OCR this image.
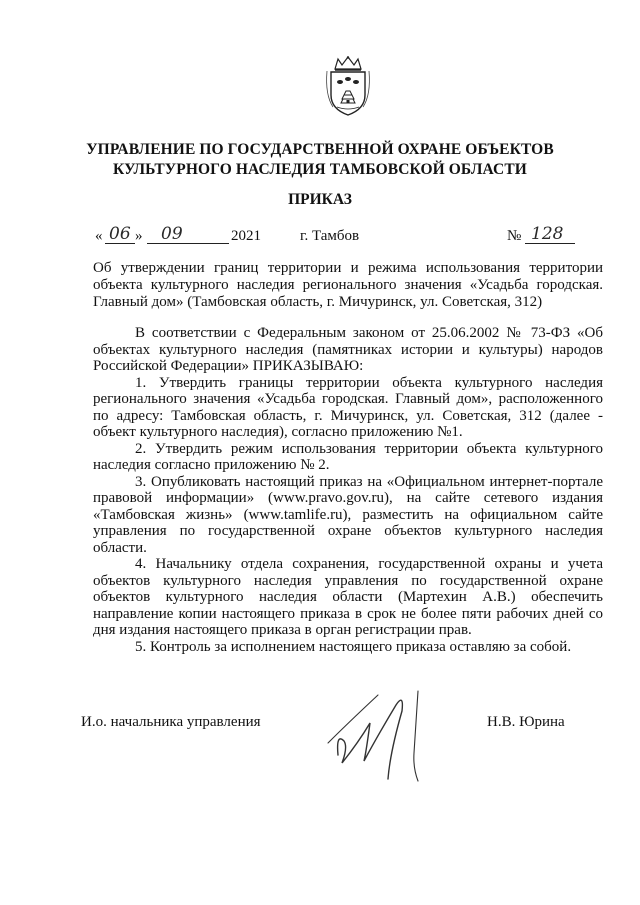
УПРАВЛЕНИЕ ПО ГОСУДАРСТВЕННОЙ ОХРАНЕ ОБЪЕКТОВ
КУЛЬТУРНОГО НАСЛЕДИЯ ТАМБОВСКОЙ ОБЛАСТИ
ПРИКАЗ
« 06 » 09	2021	г. Тамбов	№ 128
Об утверждении границ территории и режима использования территории объекта культурного наследия регионального значения «Усадьба городская. Главный дом» (Тамбовская область, г. Мичуринск, ул. Советская, 312)

В соответствии с Федеральным законом от 25.06.2002 № 73-ФЗ «Об объектах культурного наследия (памятниках истории и культуры) народов Российской Федерации» ПРИКАЗЫВАЮ:

1. Утвердить границы территории объекта культурного наследия регионального значения «Усадьба городская. Главный дом», расположенного по адресу: Тамбовская область, г. Мичуринск, ул. Советская, 312 (далее - объект культурного наследия), согласно приложению №1.

2. Утвердить режим использования территории объекта культурного наследия согласно приложению № 2.

3. Опубликовать настоящий приказ на «Официальном интернет-портале правовой информации» (www.pravo.gov.ru), на сайте сетевого издания «Тамбовская жизнь» (www.tamlife.ru), разместить на официальном сайте управления по государственной охране объектов культурного наследия области.

4. Начальнику отдела сохранения, государственной охраны и учета объектов культурного наследия управления по государственной охране объектов культурного наследия области (Мартехин А.В.) обеспечить направление копии настоящего приказа в срок не более пяти рабочих дней со дня издания настоящего приказа в орган регистрации прав.

5. Контроль за исполнением настоящего приказа оставляю за собой.

И.о. начальника управления	Н.В. Юрина
